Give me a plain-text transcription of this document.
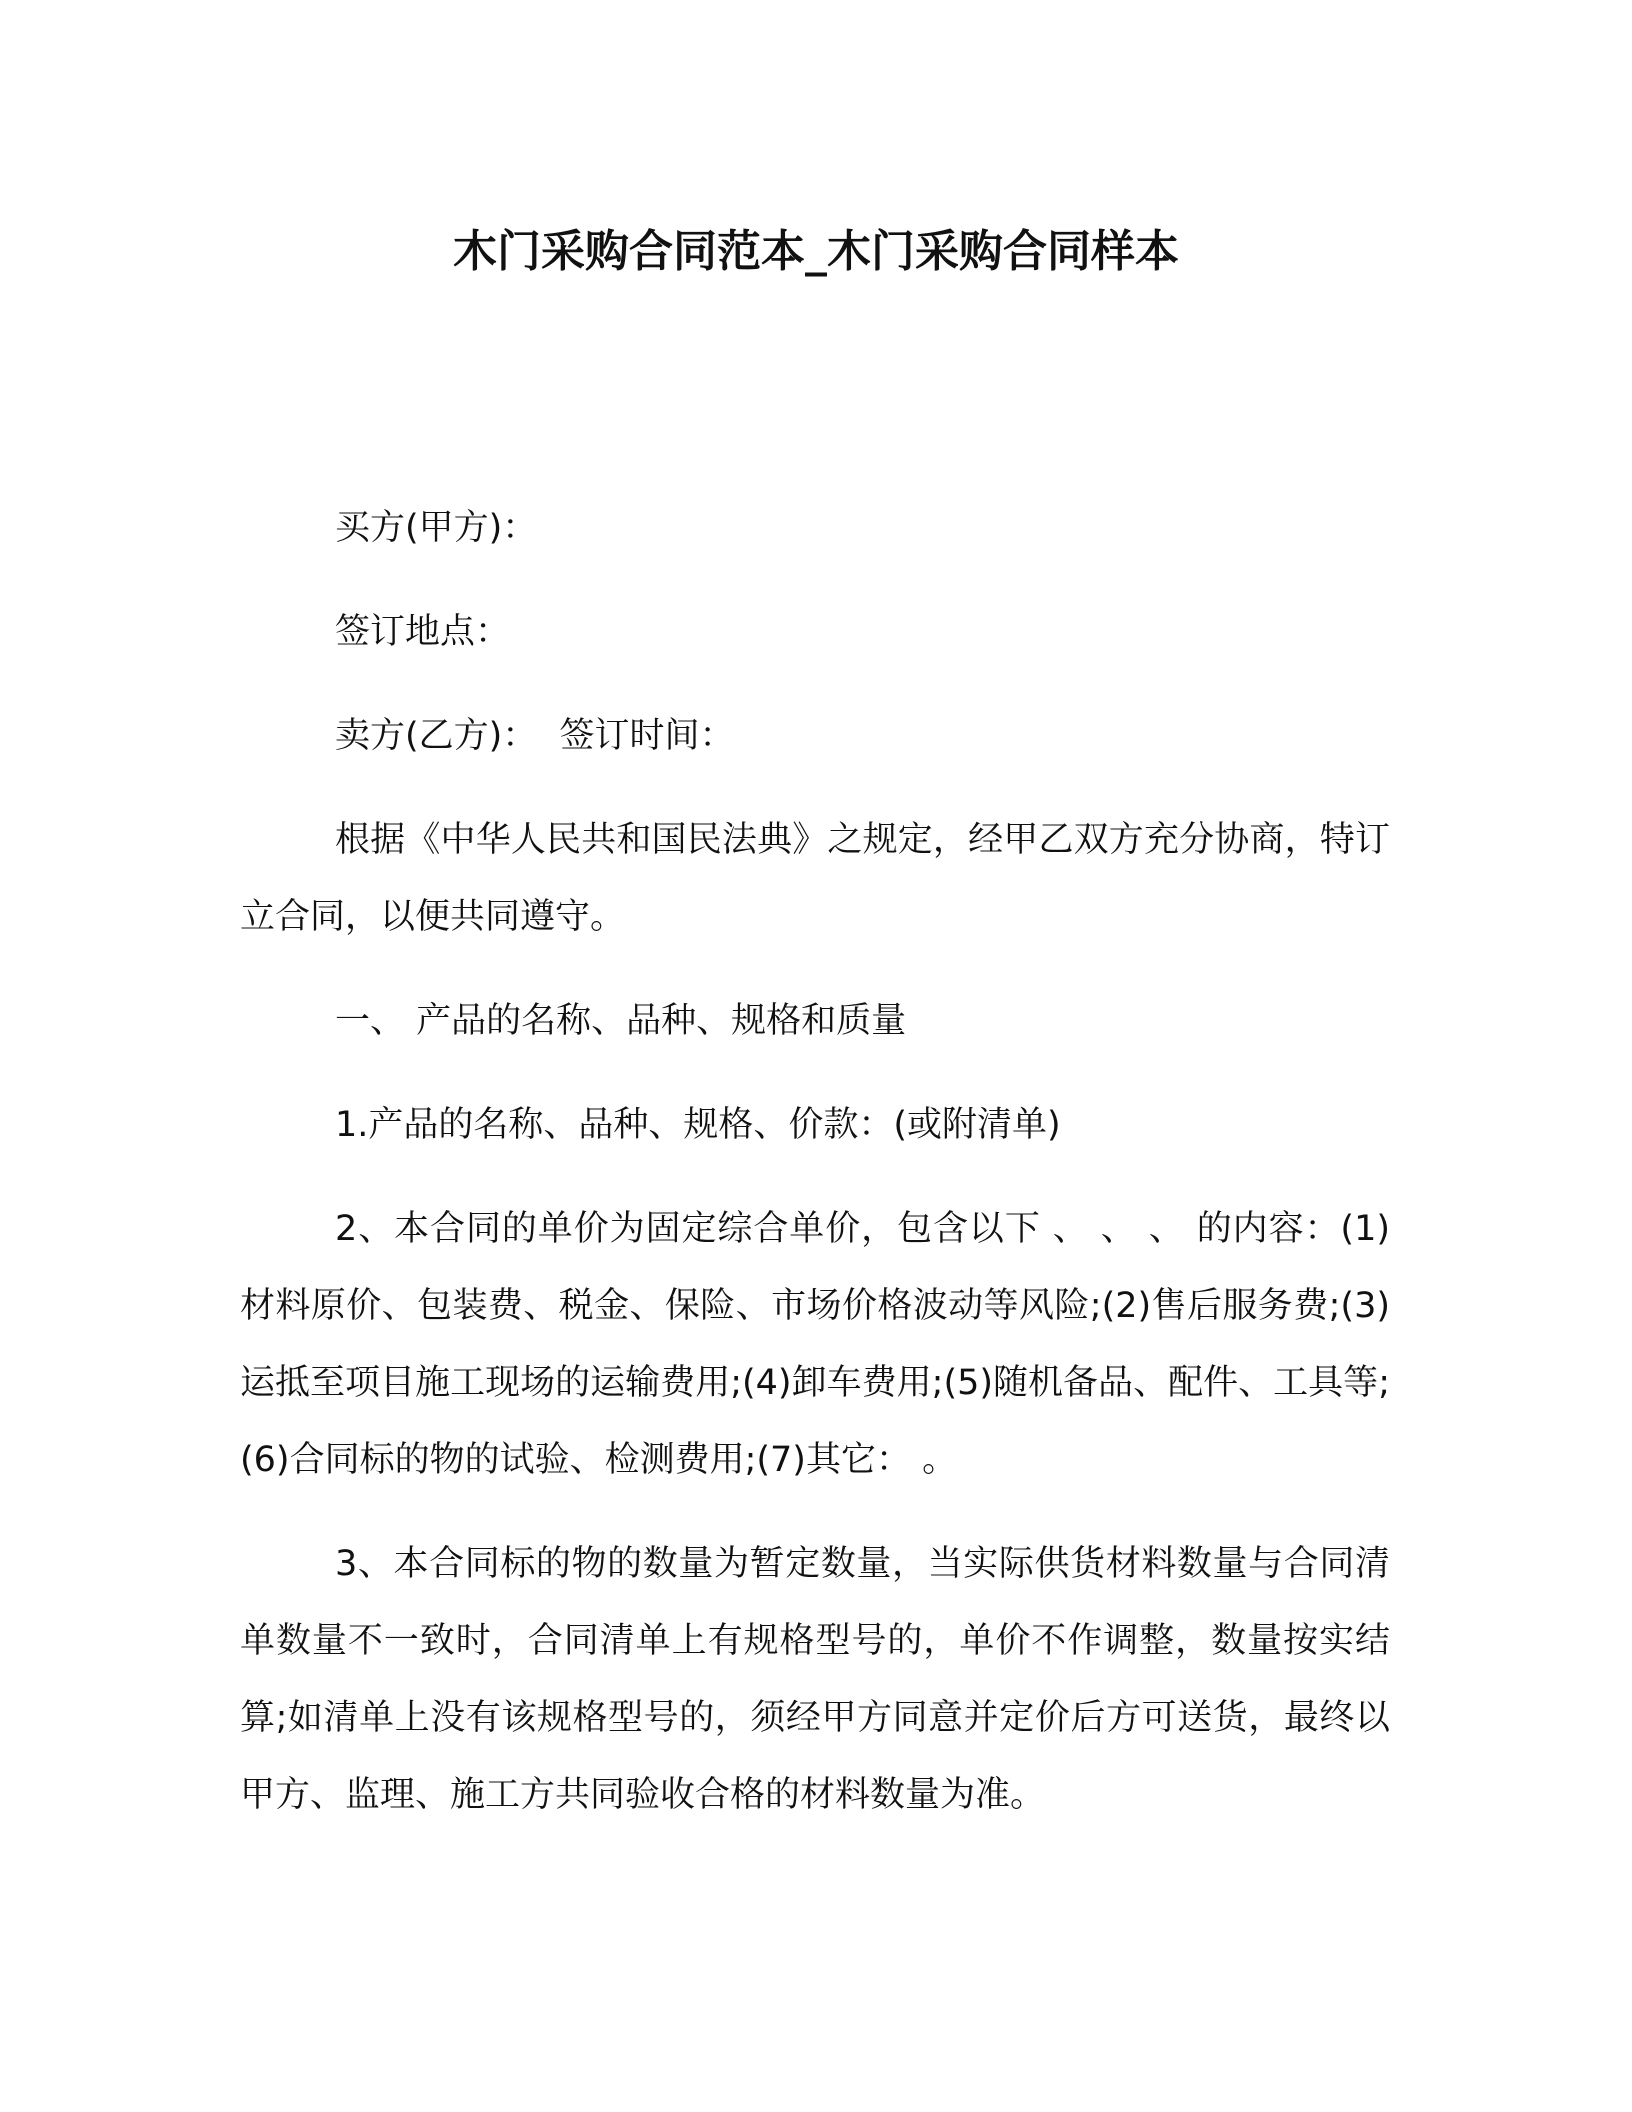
木门采购合同范本_木门采购合同样本

买方(甲方)：

签订地点：

卖方(乙方)：  签订时间：

根据《中华人民共和国民法典》之规定，经甲乙双方充分协商，特订立合同，以便共同遵守。

一、 产品的名称、品种、规格和质量

1.产品的名称、品种、规格、价款：(或附清单)

2、本合同的单价为固定综合单价，包含以下 、 、 、 的内容：(1)材料原价、包装费、税金、保险、市场价格波动等风险;(2)售后服务费;(3)运抵至项目施工现场的运输费用;(4)卸车费用;(5)随机备品、配件、工具等;(6)合同标的物的试验、检测费用;(7)其它： 。

3、本合同标的物的数量为暂定数量，当实际供货材料数量与合同清单数量不一致时，合同清单上有规格型号的，单价不作调整，数量按实结算;如清单上没有该规格型号的，须经甲方同意并定价后方可送货，最终以甲方、监理、施工方共同验收合格的材料数量为准。
